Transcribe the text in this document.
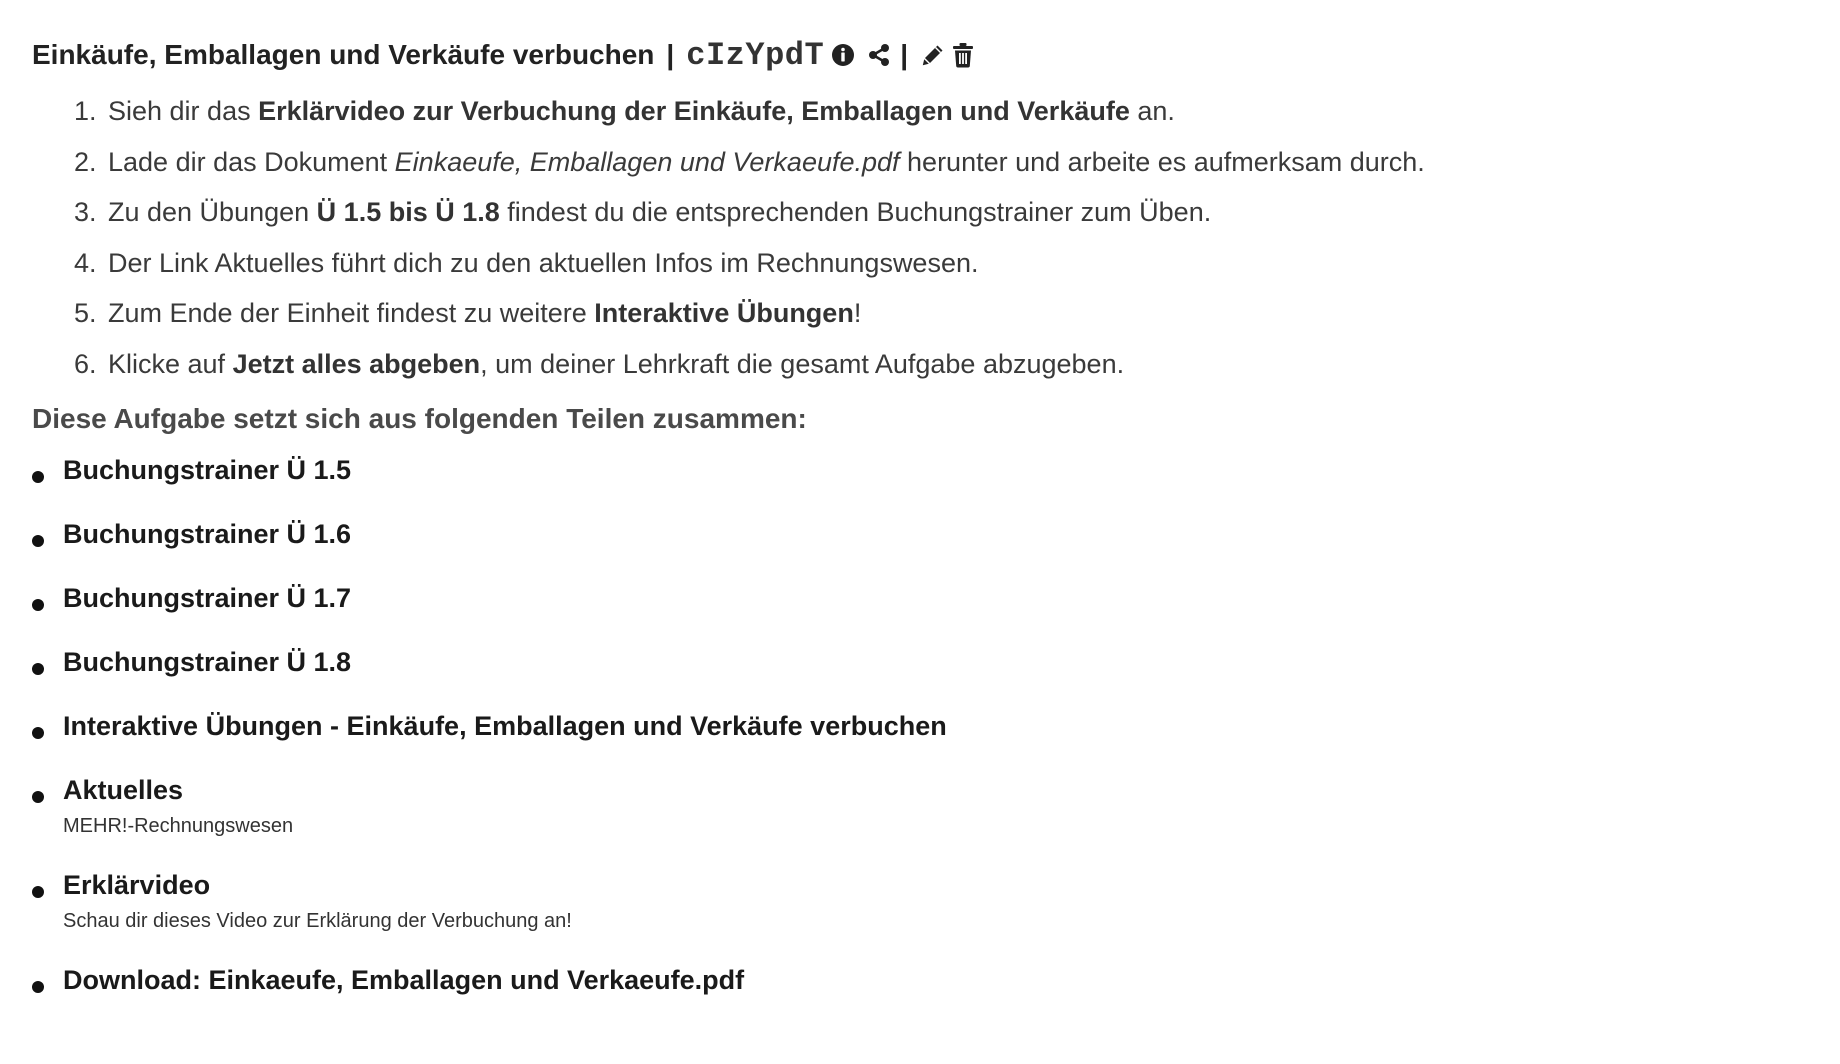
Einkäufe, Emballagen und Verkäufe verbuchen | cIzYpdT	|
1. Sieh dir das Erklärvideo zur Verbuchung der Einkäufe, Emballagen und Verkäufe an.
2. Lade dir das Dokument Einkaeufe, Emballagen und Verkaeufe.pdf herunter und arbeite es aufmerksam durch.
3. Zu den Übungen Ü 1.5 bis Ü 1.8 findest du die entsprechenden Buchungstrainer zum Üben.
4. Der Link Aktuelles führt dich zu den aktuellen Infos im Rechnungswesen.
5. Zum Ende der Einheit findest zu weitere Interaktive Übungen!
6. Klicke auf Jetzt alles abgeben, um deiner Lehrkraft die gesamt Aufgabe abzugeben.
Diese Aufgabe setzt sich aus folgenden Teilen zusammen:
Buchungstrainer Ü 1.5
Buchungstrainer Ü 1.6
Buchungstrainer Ü 1.7
Buchungstrainer Ü 1.8
Interaktive Übungen - Einkäufe, Emballagen und Verkäufe verbuchen
Aktuelles
MEHR!-Rechnungswesen
Erklärvideo
Schau dir dieses Video zur Erklärung der Verbuchung an!
Download: Einkaeufe, Emballagen und Verkaeufe.pdf
